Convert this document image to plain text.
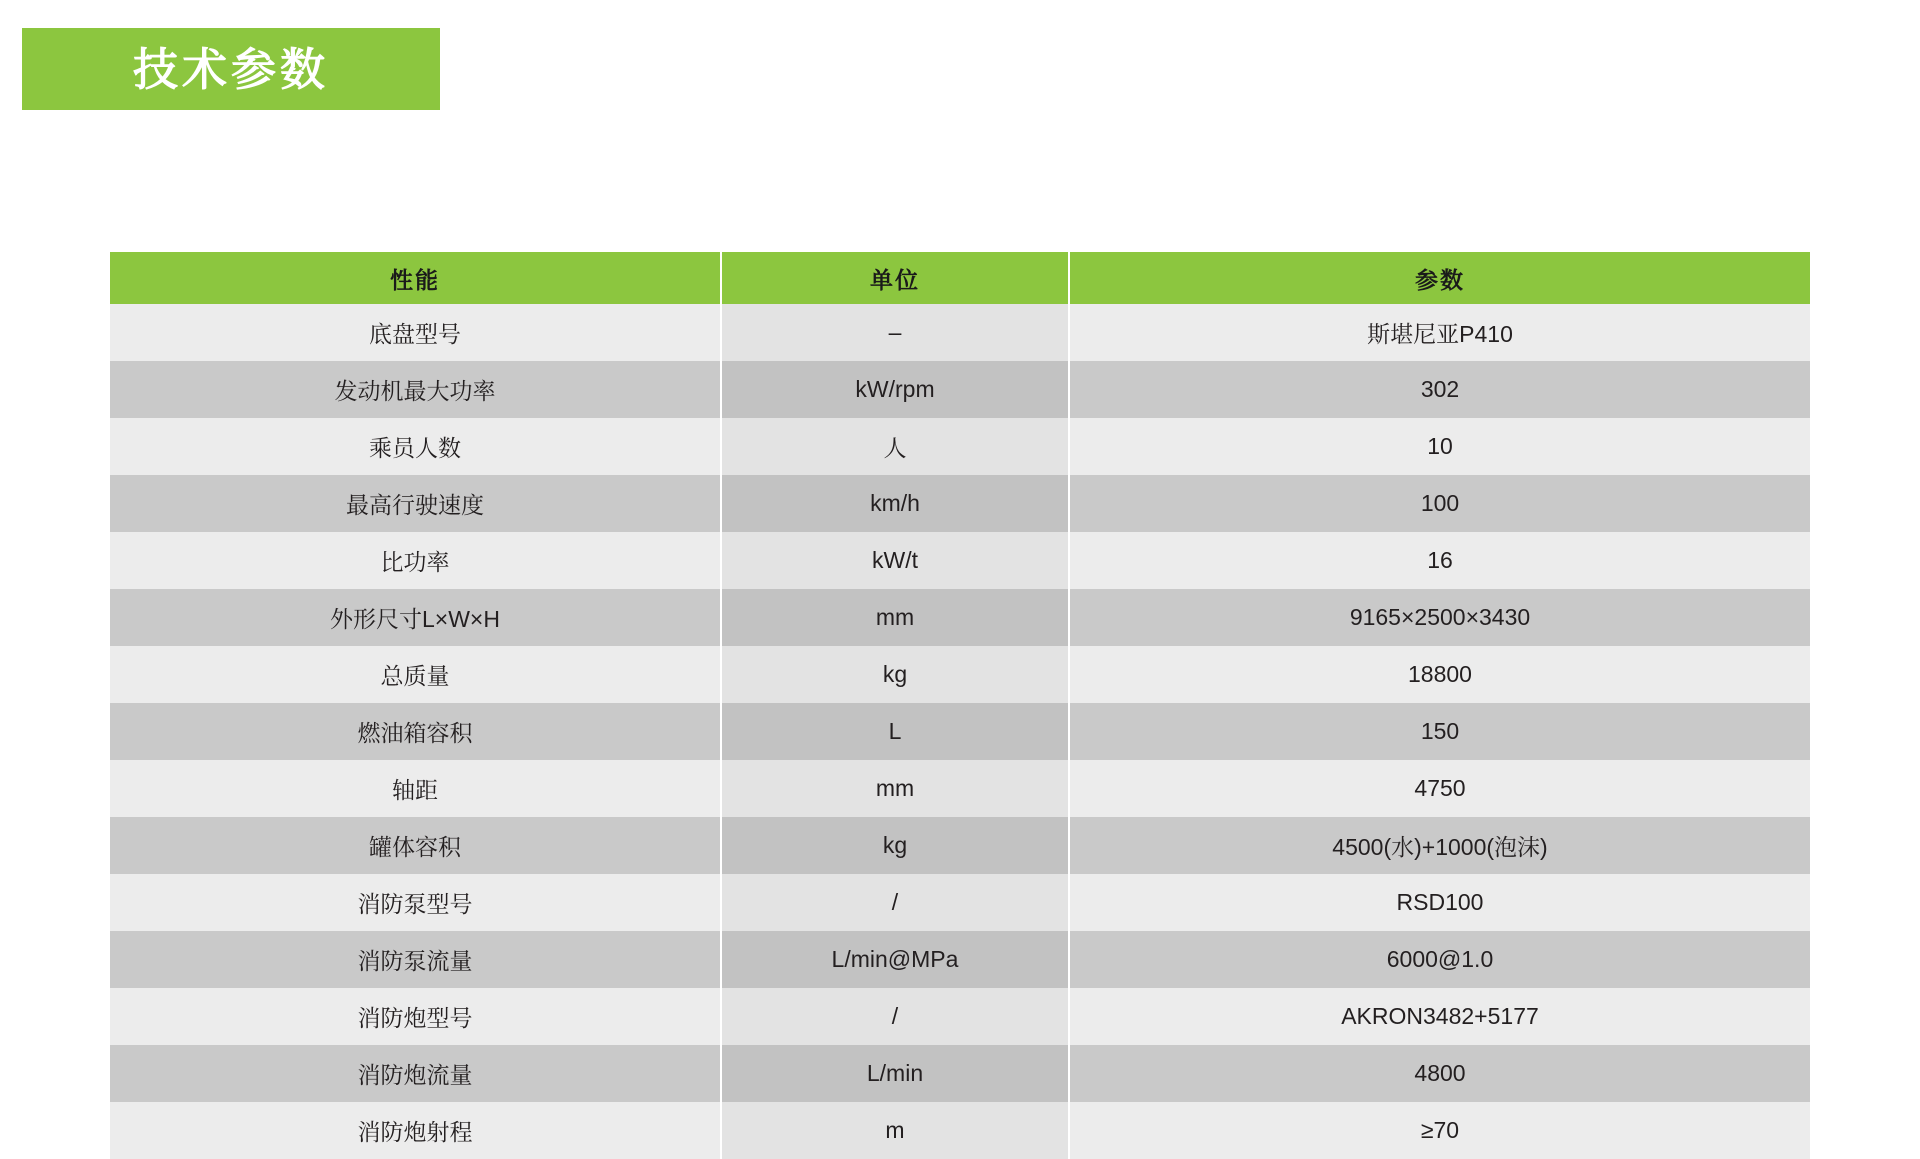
技术参数
性能	单位	参数
底盘型号	–	斯堪尼亚P410
发动机最大功率	kW/rpm	302
乘员人数	人	10
最高行驶速度	km/h	100
比功率	kW/t	16
外形尺寸L×W×H	mm	9165×2500×3430
总质量	kg	18800
燃油箱容积	L	150
轴距	mm	4750
罐体容积	kg	4500(水)+1000(泡沫)
消防泵型号	/	RSD100
消防泵流量	L/min@MPa	6000@1.0
消防炮型号	/	AKRON3482+5177
消防炮流量	L/min	4800
消防炮射程	m	≥70
